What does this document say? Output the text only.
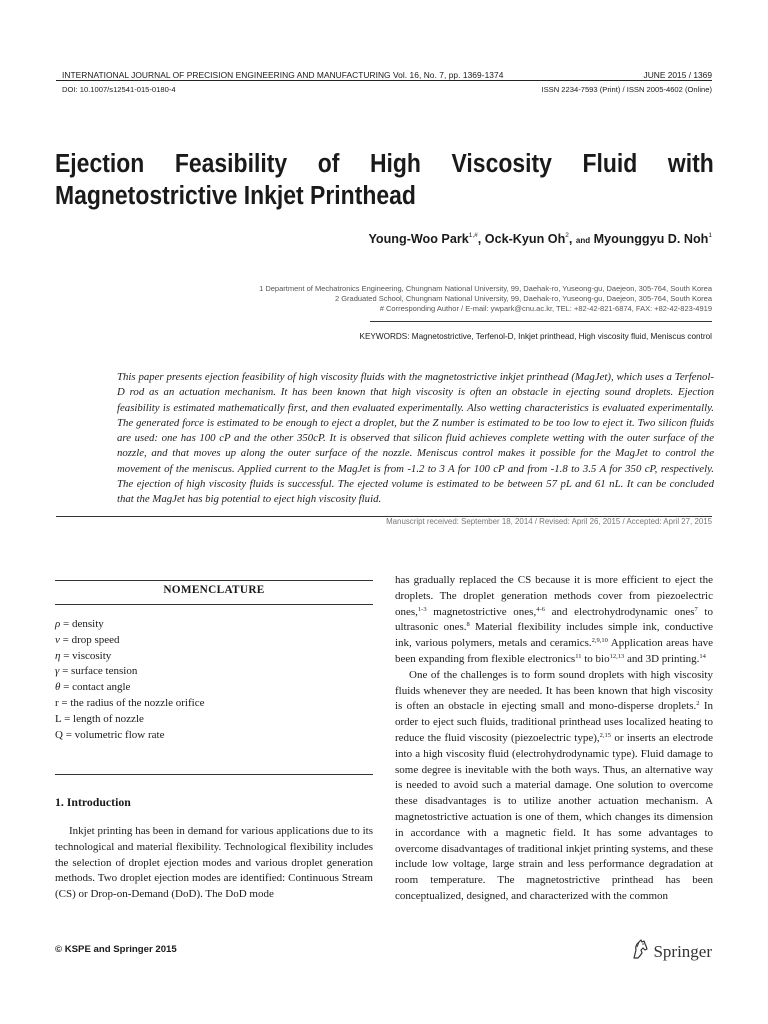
INTERNATIONAL JOURNAL OF PRECISION ENGINEERING AND MANUFACTURING Vol. 16, No. 7, pp. 1369-1374	JUNE 2015 / 1369
DOI: 10.1007/s12541-015-0180-4	ISSN 2234-7593 (Print) / ISSN 2005-4602 (Online)
Ejection Feasibility of High Viscosity Fluid with
Magnetostrictive Inkjet Printhead
Young-Woo Park$^{1,\#}$, Ock-Kyun Oh$^2$, and Myounggyu D. Noh$^1$
1 Department of Mechatronics Engineering, Chungnam National University, 99, Daehak-ro, Yuseong-gu, Daejeon, 305-764, South Korea
2 Graduated School, Chungnam National University, 99, Daehak-ro, Yuseong-gu, Daejeon, 305-764, South Korea
# Corresponding Author / E-mail: ywpark@cnu.ac.kr, TEL: +82-42-821-6874, FAX: +82-42-823-4919
KEYWORDS: Magnetostrictive, Terfenol-D, Inkjet printhead, High viscosity fluid, Meniscus control
This paper presents ejection feasibility of high viscosity fluids with the magnetostrictive inkjet printhead (MagJet), which uses a Terfenol-D rod as an actuation mechanism. It has been known that high viscosity is often an obstacle in ejecting sound droplets. Ejection feasibility is estimated mathematically first, and then evaluated experimentally. Also wetting characteristics is evaluated experimentally. The generated force is estimated to be enough to eject a droplet, but the Z number is estimated to be too low to eject it. Two silicon fluids are used: one has 100 cP and the other 350cP. It is observed that silicon fluid achieves complete wetting with the outer surface of the nozzle, and that moves up along the outer surface of the nozzle. Meniscus control makes it possible for the MagJet to control the movement of the meniscus. Applied current to the MagJet is from -1.2 to 3 A for 100 cP and from -1.8 to 3.5 A for 350 cP, respectively. The ejection of high viscosity fluids is successful. The ejected volume is estimated to be between 57 pL and 61 nL. It can be concluded that the MagJet has big potential to eject high viscosity fluid.
Manuscript received: September 18, 2014 / Revised: April 26, 2015 / Accepted: April 27, 2015
NOMENCLATURE
ρ = density
ν = drop speed
η = viscosity
γ = surface tension
θ = contact angle
r = the radius of the nozzle orifice
L = length of nozzle
Q = volumetric flow rate
1. Introduction

Inkjet printing has been in demand for various applications due to its technological and material flexibility. Technological flexibility includes the selection of droplet ejection modes and various droplet generation methods. Two droplet ejection modes are identified: Continuous Stream (CS) or Drop-on-Demand (DoD). The DoD mode

has gradually replaced the CS because it is more efficient to eject the droplets. The droplet generation methods cover from piezoelectric ones,$^{1-3}$ magnetostrictive ones,$^{4-6}$ and electrohydrodynamic ones$^7$ to ultrasonic ones.$^8$ Material flexibility includes simple ink, conductive ink, various polymers, metals and ceramics.$^{2,9,10}$ Application areas have been expanding from flexible electronics$^{11}$ to bio$^{12,13}$ and 3D printing.$^{14}$

One of the challenges is to form sound droplets with high viscosity fluids whenever they are needed. It has been known that high viscosity is often an obstacle in ejecting small and mono-disperse droplets.$^2$ In order to eject such fluids, traditional printhead uses localized heating to reduce the fluid viscosity (piezoelectric type),$^{2,15}$ or inserts an electrode into a high viscosity fluid (electrohydrodynamic type). Fluid damage to some degree is inevitable with the both ways. Thus, an alternative way is needed to avoid such a material damage. One solution to overcome these disadvantages is to utilize another actuation mechanism. A magnetostrictive actuation is one of them, which changes its dimension in accordance with a magnetic field. It has some advantages to overcome disadvantages of traditional inkjet printing systems, and these include low voltage, large strain and less performance degradation at room temperature. The magnetostrictive printhead has been conceptualized, designed, and characterized with the common

© KSPE and Springer 2015	Springer
